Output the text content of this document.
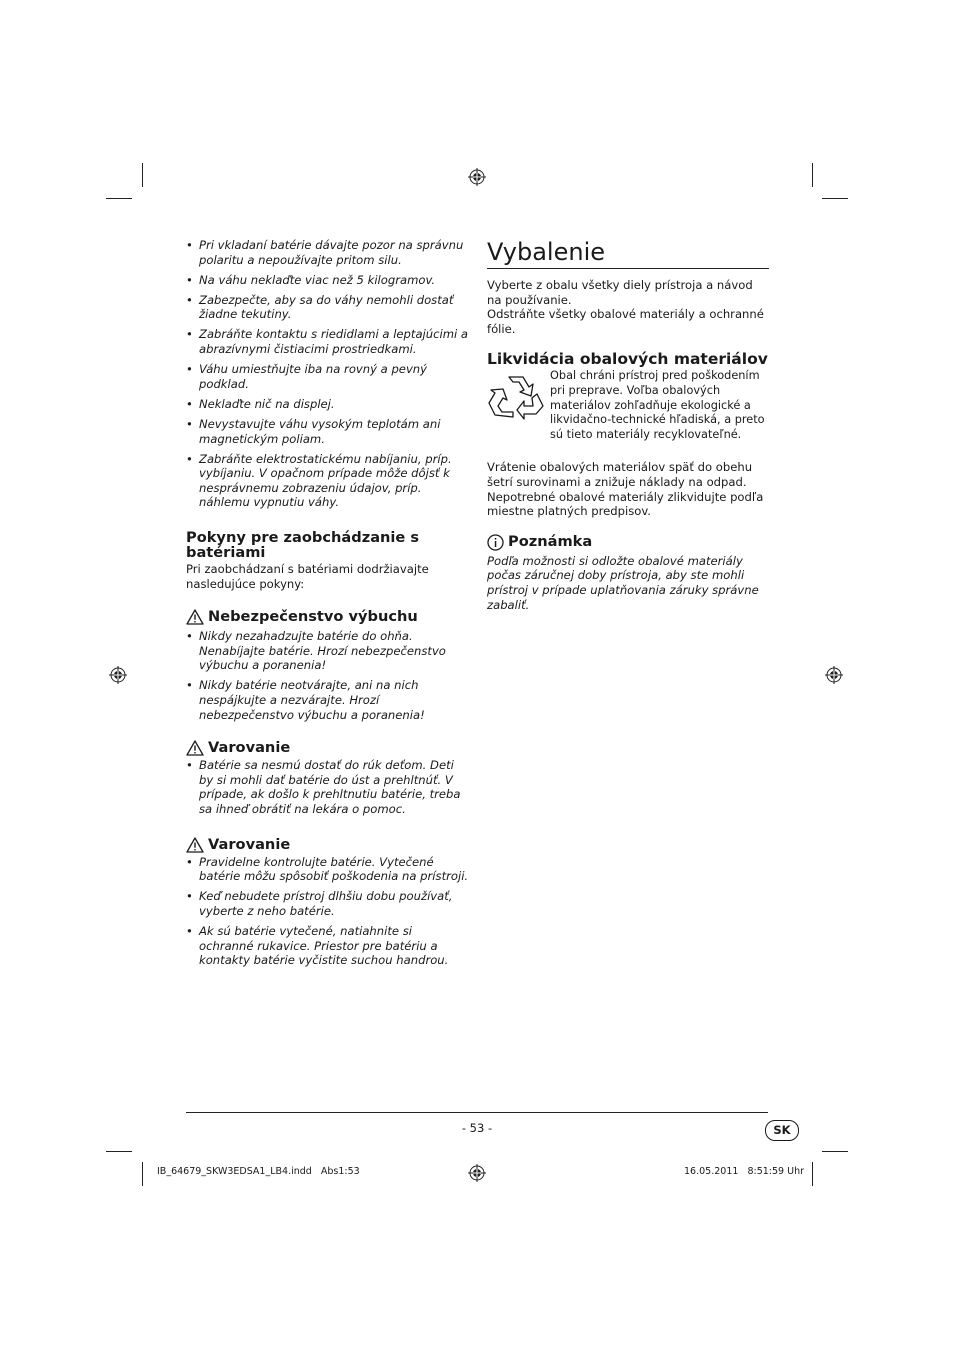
• Pri vkladaní batérie dávajte pozor na správnu polaritu a nepoužívajte pritom silu.
• Na váhu neklaďte viac než 5 kilogramov.
• Zabezpečte, aby sa do váhy nemohli dostať žiadne tekutiny.
• Zabráňte kontaktu s riedidlami a leptajúcimi a abrazívnymi čistiacimi prostriedkami.
• Váhu umiestňujte iba na rovný a pevný podklad.
• Neklaďte nič na displej.
• Nevystavujte váhu vysokým teplotám ani magnetickým poliam.
• Zabráňte elektrostatickému nabíjaniu, príp. vybíjaniu. V opačnom prípade môže dôjsť k nesprávnemu zobrazeniu údajov, príp. náhlemu vypnutiu váhy.
Pokyny pre zaobchádzanie s batériami

Pri zaobchádzaní s batériami dodržiavajte nasledujúce pokyny:

Nebezpečenstvo výbuchu
• Nikdy nezahadzujte batérie do ohňa. Nenabíjajte batérie. Hrozí nebezpečenstvo výbuchu a poranenia!
• Nikdy batérie neotvárajte, ani na nich nespájkujte a nezvárajte. Hrozí nebezpečenstvo výbuchu a poranenia!
Varovanie
• Batérie sa nesmú dostať do rúk deťom. Deti by si mohli dať batérie do úst a prehltnúť. V prípade, ak došlo k prehltnutiu batérie, treba sa ihneď obrátiť na lekára o pomoc.
Varovanie
• Pravidelne kontrolujte batérie. Vytečené batérie môžu spôsobiť poškodenia na prístroji.
• Keď nebudete prístroj dlhšiu dobu používať, vyberte z neho batérie.
• Ak sú batérie vytečené, natiahnite si ochranné rukavice. Priestor pre batériu a kontakty batérie vyčistite suchou handrou.
Vybalenie

Vyberte z obalu všetky diely prístroja a návod na používanie.

Odstráňte všetky obalové materiály a ochranné fólie.

Likvidácia obalových materiálov

Obal chráni prístroj pred poškodením pri preprave. Voľba obalových materiálov zohľadňuje ekologické a likvidačno-technické hľadiská, a preto sú tieto materiály recyklovateľné.

Vrátenie obalových materiálov späť do obehu šetrí surovinami a znižuje náklady na odpad. Nepotrebné obalové materiály zlikvidujte podľa miestne platných predpisov.

Poznámka

Podľa možnosti si odložte obalové materiály počas záručnej doby prístroja, aby ste mohli prístroj v prípade uplatňovania záruky správne zabaliť.

- 53 -	SK
IB_64679_SKW3EDSA1_LB4.indd   Abs1:53	16.05.2011   8:51:59 Uhr
